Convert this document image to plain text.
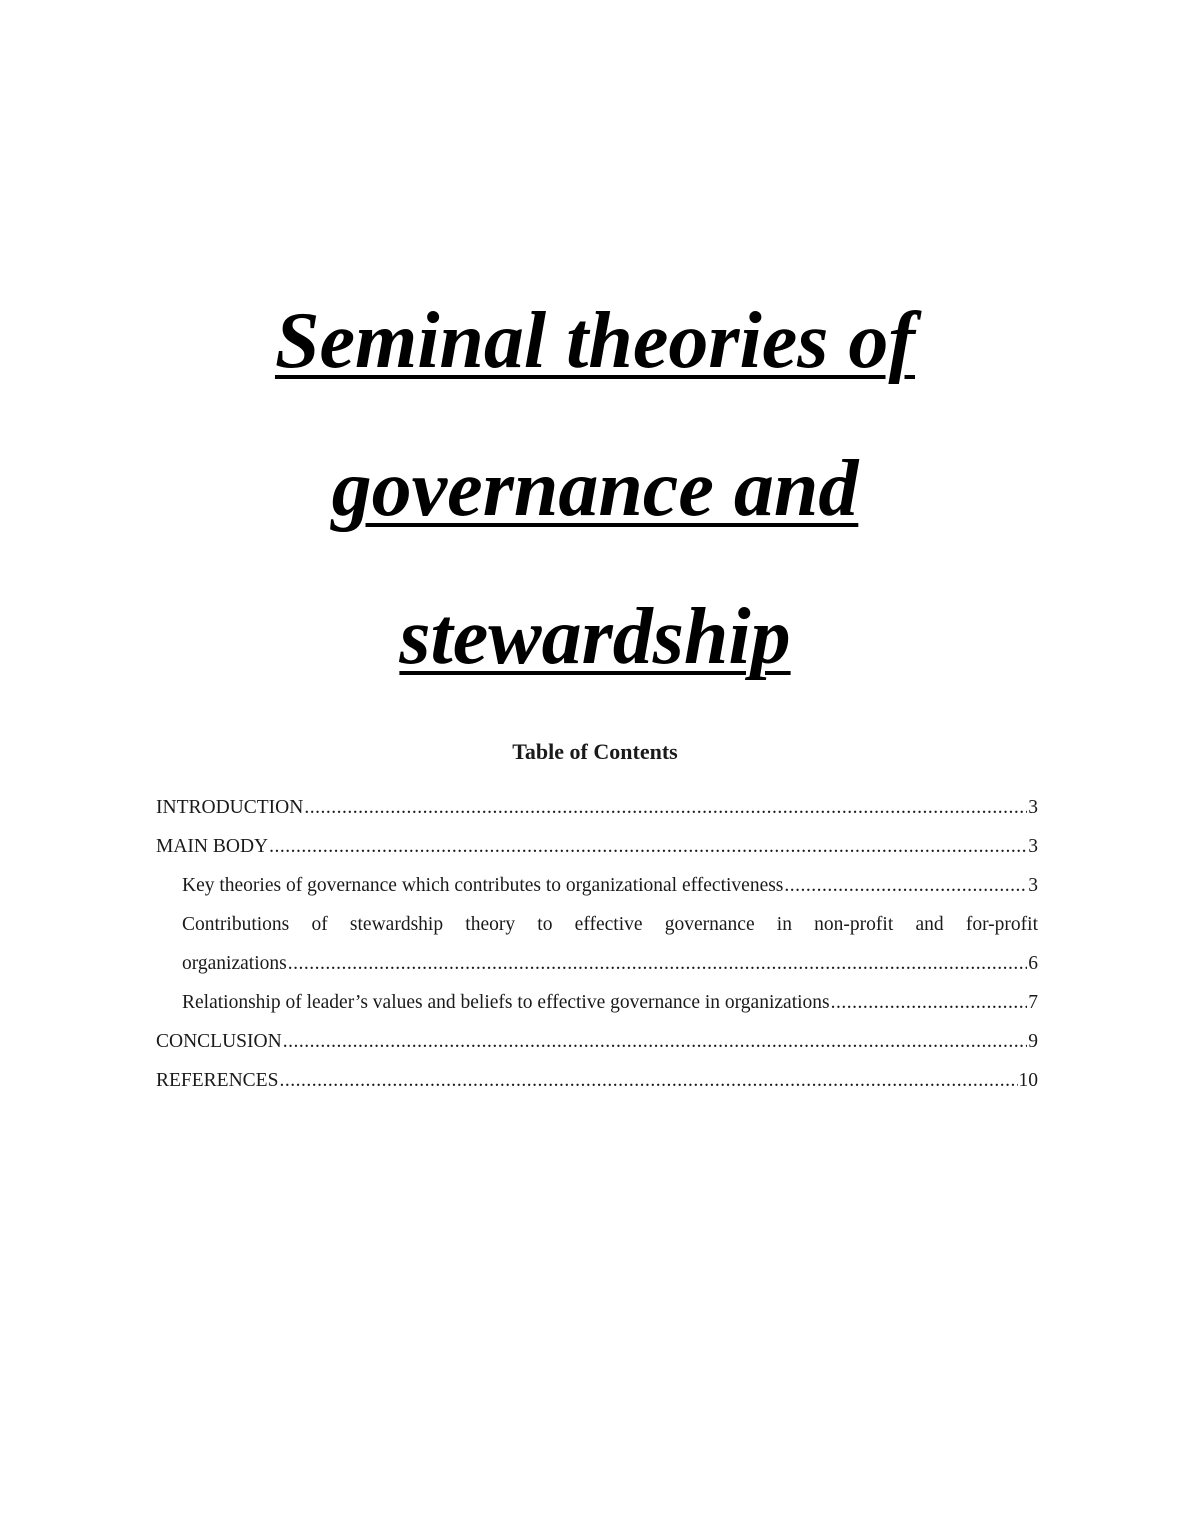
Seminal theories of
governance and
stewardship
Table of Contents
INTRODUCTION .....	3
MAIN BODY .....	3
Key theories of governance which contributes to organizational effectiveness .....	3
Contributions of stewardship theory to effective governance in non-profit and for-profit
organizations .....	6
Relationship of leader’s values and beliefs to effective governance in organizations .....	7
CONCLUSION .....	9
REFERENCES .....	10
